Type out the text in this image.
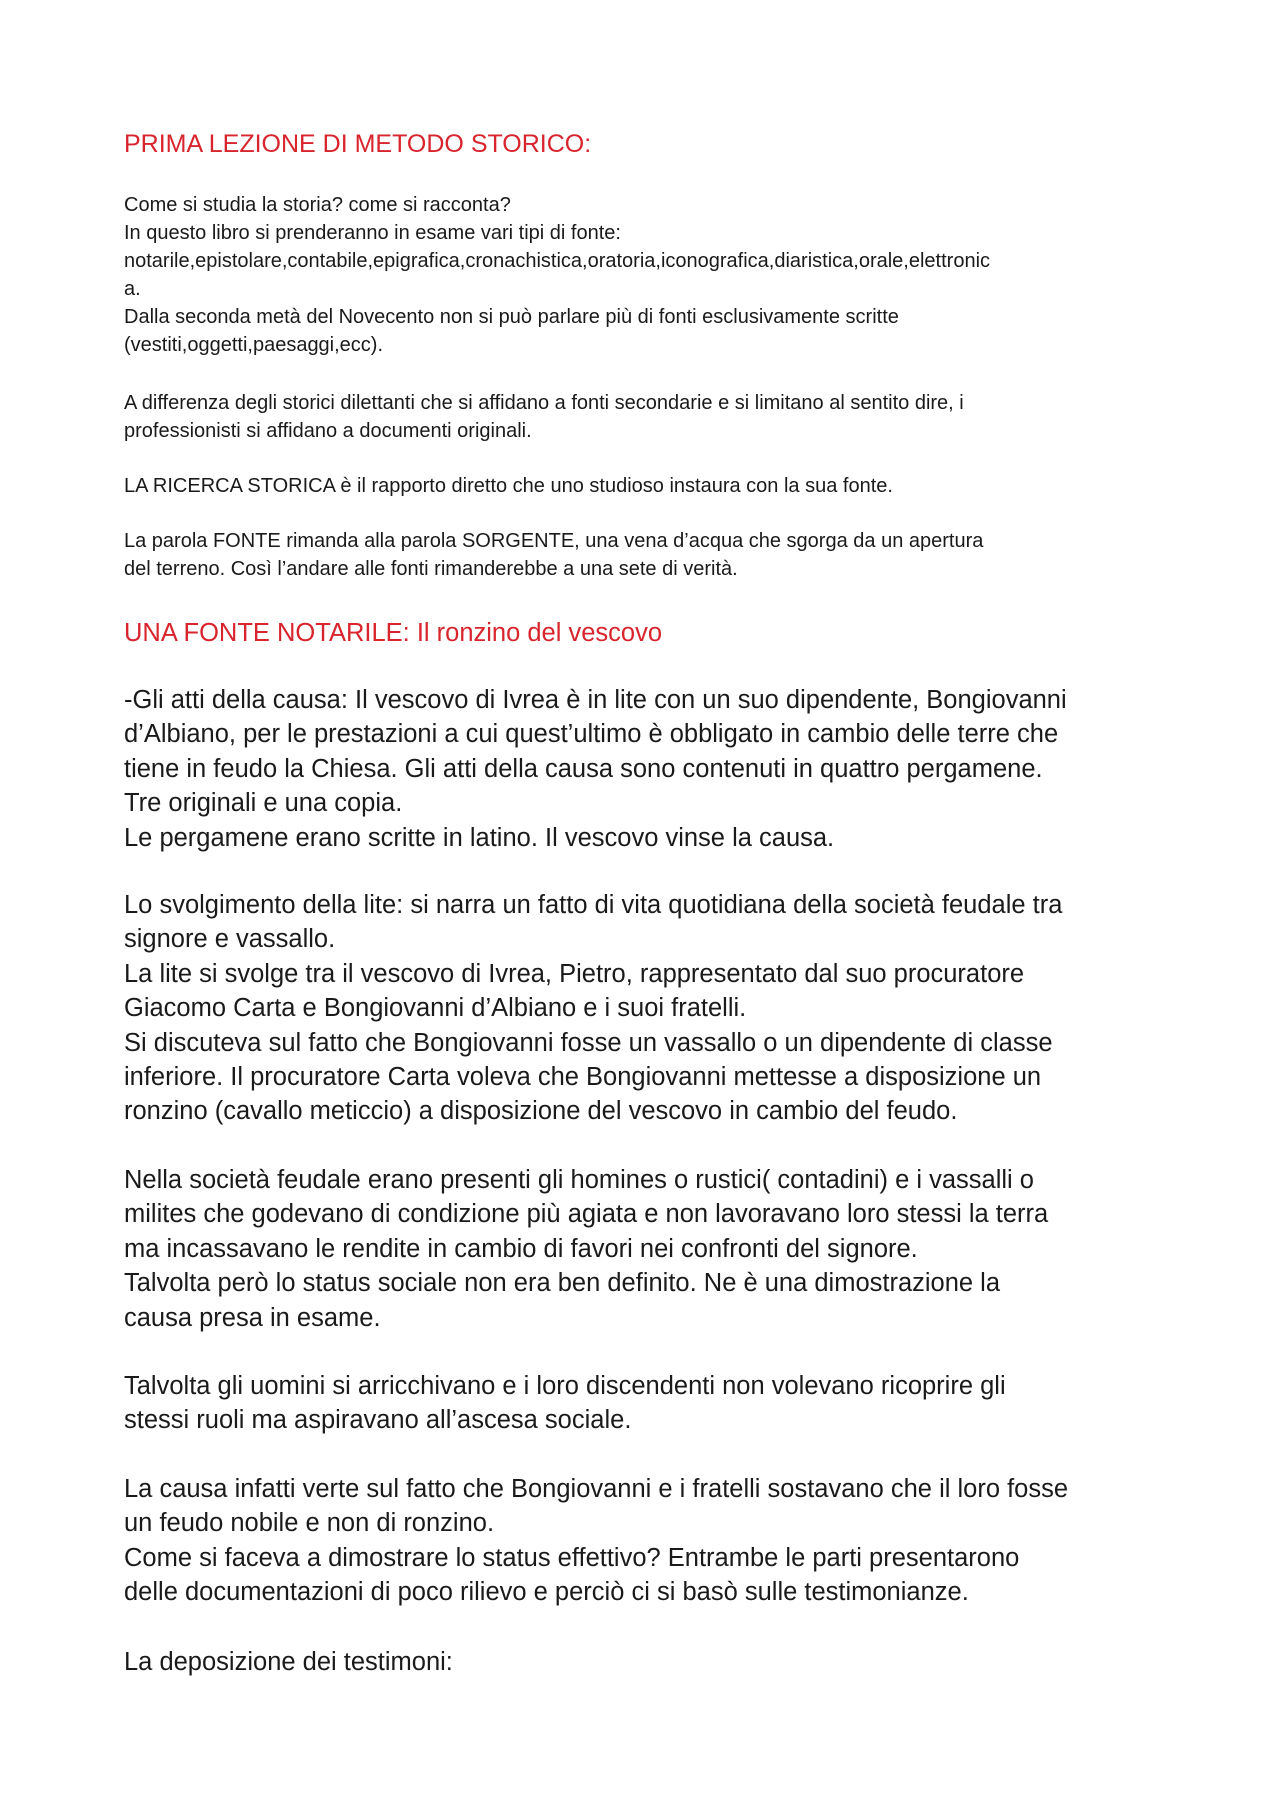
PRIMA LEZIONE DI METODO STORICO:
Come si studia la storia? come si racconta?
In questo libro si prenderanno in esame vari tipi di fonte:
notarile,epistolare,contabile,epigrafica,cronachistica,oratoria,iconografica,diaristica,orale,elettronic
a.
Dalla seconda metà del Novecento non si può parlare più di fonti esclusivamente scritte
(vestiti,oggetti,paesaggi,ecc).
A differenza degli storici dilettanti che si affidano a fonti secondarie e si limitano al sentito dire, i
professionisti si affidano a documenti originali.
LA RICERCA STORICA è il rapporto diretto che uno studioso instaura con la sua fonte.
La parola FONTE rimanda alla parola SORGENTE, una vena d’acqua che sgorga da un apertura
del terreno. Così l’andare alle fonti rimanderebbe a una sete di verità.
UNA FONTE NOTARILE: Il ronzino del vescovo
-Gli atti della causa: Il vescovo di Ivrea è in lite con un suo dipendente, Bongiovanni
d’Albiano, per le prestazioni a cui quest’ultimo è obbligato in cambio delle terre che
tiene in feudo la Chiesa. Gli atti della causa sono contenuti in quattro pergamene.
Tre originali e una copia.
Le pergamene erano scritte in latino. Il vescovo vinse la causa.
Lo svolgimento della lite: si narra un fatto di vita quotidiana della società feudale tra
signore e vassallo.
La lite si svolge tra il vescovo di Ivrea, Pietro, rappresentato dal suo procuratore
Giacomo Carta e Bongiovanni d’Albiano e i suoi fratelli.
Si discuteva sul fatto che Bongiovanni fosse un vassallo o un dipendente di classe
inferiore. Il procuratore Carta voleva che Bongiovanni mettesse a disposizione un
ronzino (cavallo meticcio) a disposizione del vescovo in cambio del feudo.
Nella società feudale erano presenti gli homines o rustici( contadini) e i vassalli o
milites che godevano di condizione più agiata e non lavoravano loro stessi la terra
ma incassavano le rendite in cambio di favori nei confronti del signore.
Talvolta però lo status sociale non era ben definito. Ne è una dimostrazione la
causa presa in esame.
Talvolta gli uomini si arricchivano e i loro discendenti non volevano ricoprire gli
stessi ruoli ma aspiravano all’ascesa sociale.
La causa infatti verte sul fatto che Bongiovanni e i fratelli sostavano che il loro fosse
un feudo nobile e non di ronzino.
Come si faceva a dimostrare lo status effettivo? Entrambe le parti presentarono
delle documentazioni di poco rilievo e perciò ci si basò sulle testimonianze.
La deposizione dei testimoni:
